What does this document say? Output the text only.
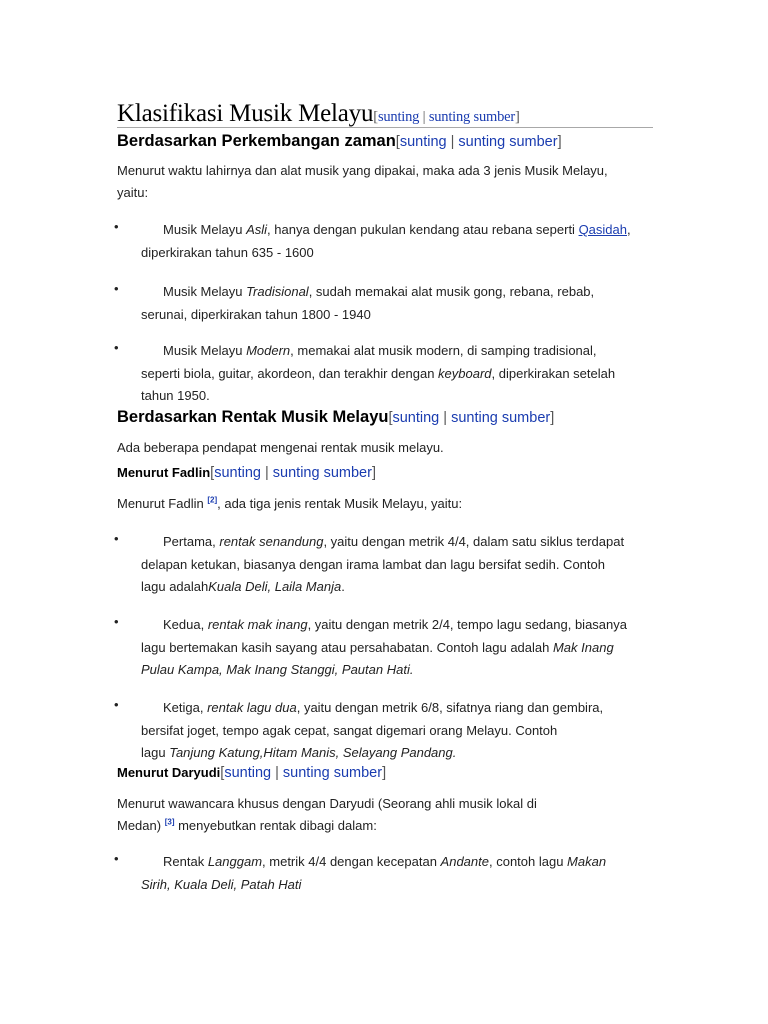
Klasifikasi Musik Melayu[sunting | sunting sumber]
Berdasarkan Perkembangan zaman[sunting | sunting sumber]
Menurut waktu lahirnya dan alat musik yang dipakai, maka ada 3 jenis Musik Melayu,
yaitu:
•	Musik Melayu Asli, hanya dengan pukulan kendang atau rebana seperti Qasidah,
diperkirakan tahun 635 - 1600
•	Musik Melayu Tradisional, sudah memakai alat musik gong, rebana, rebab,
serunai, diperkirakan tahun 1800 - 1940
•	Musik Melayu Modern, memakai alat musik modern, di samping tradisional,
seperti biola, guitar, akordeon, dan terakhir dengan keyboard, diperkirakan setelah
tahun 1950.
Berdasarkan Rentak Musik Melayu[sunting | sunting sumber]
Ada beberapa pendapat mengenai rentak musik melayu.
Menurut Fadlin[sunting | sunting sumber]
Menurut Fadlin [2], ada tiga jenis rentak Musik Melayu, yaitu:
•	Pertama, rentak senandung, yaitu dengan metrik 4/4, dalam satu siklus terdapat
delapan ketukan, biasanya dengan irama lambat dan lagu bersifat sedih. Contoh
lagu adalahKuala Deli, Laila Manja.
•	Kedua, rentak mak inang, yaitu dengan metrik 2/4, tempo lagu sedang, biasanya
lagu bertemakan kasih sayang atau persahabatan. Contoh lagu adalah Mak Inang
Pulau Kampa, Mak Inang Stanggi, Pautan Hati.
•	Ketiga, rentak lagu dua, yaitu dengan metrik 6/8, sifatnya riang dan gembira,
bersifat joget, tempo agak cepat, sangat digemari orang Melayu. Contoh
lagu Tanjung Katung,Hitam Manis, Selayang Pandang.
Menurut Daryudi[sunting | sunting sumber]
Menurut wawancara khusus dengan Daryudi (Seorang ahli musik lokal di
Medan) [3] menyebutkan rentak dibagi dalam:
•	Rentak Langgam, metrik 4/4 dengan kecepatan Andante, contoh lagu Makan
Sirih, Kuala Deli, Patah Hati
